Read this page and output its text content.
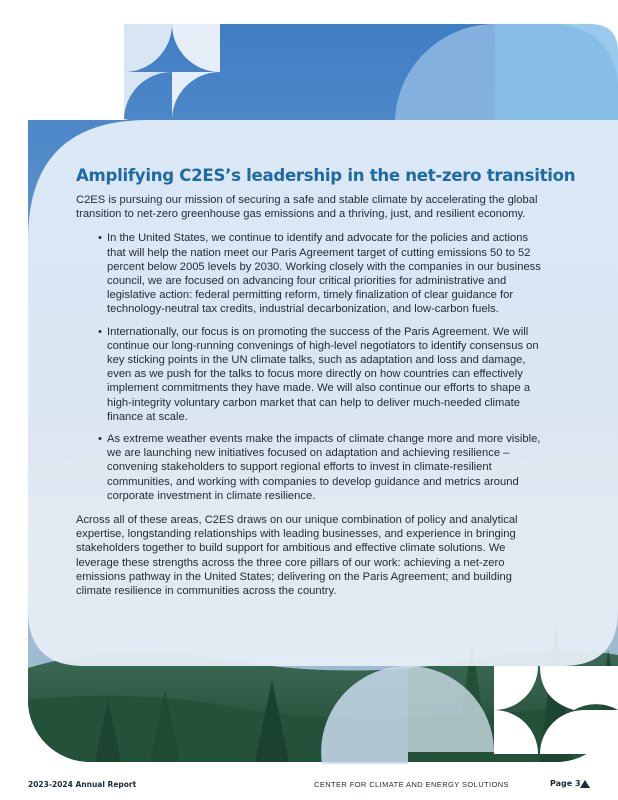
Amplifying C2ES’s leadership in the net-zero transition

C2ES is pursuing our mission of securing a safe and stable climate by accelerating the global transition to net-zero greenhouse gas emissions and a thriving, just, and resilient economy.

• In the United States, we continue to identify and advocate for the policies and actions that will help the nation meet our Paris Agreement target of cutting emissions 50 to 52 percent below 2005 levels by 2030. Working closely with the companies in our business council, we are focused on advancing four critical priorities for administrative and legislative action: federal permitting reform, timely finalization of clear guidance for technology-neutral tax credits, industrial decarbonization, and low-carbon fuels.
• Internationally, our focus is on promoting the success of the Paris Agreement. We will continue our long-running convenings of high-level negotiators to identify consensus on key sticking points in the UN climate talks, such as adaptation and loss and damage, even as we push for the talks to focus more directly on how countries can effectively implement commitments they have made. We will also continue our efforts to shape a high-integrity voluntary carbon market that can help to deliver much-needed climate finance at scale.
• As extreme weather events make the impacts of climate change more and more visible, we are launching new initiatives focused on adaptation and achieving resilience – convening stakeholders to support regional efforts to invest in climate-resilient communities, and working with companies to develop guidance and metrics around corporate investment in climate resilience.

Across all of these areas, C2ES draws on our unique combination of policy and analytical expertise, longstanding relationships with leading businesses, and experience in bringing stakeholders together to build support for ambitious and effective climate solutions. We leverage these strengths across the three core pillars of our work: achieving a net-zero emissions pathway in the United States; delivering on the Paris Agreement; and building climate resilience in communities across the country.

2023-2024 Annual Report	CENTER FOR CLIMATE AND ENERGY SOLUTIONS	Page 3
